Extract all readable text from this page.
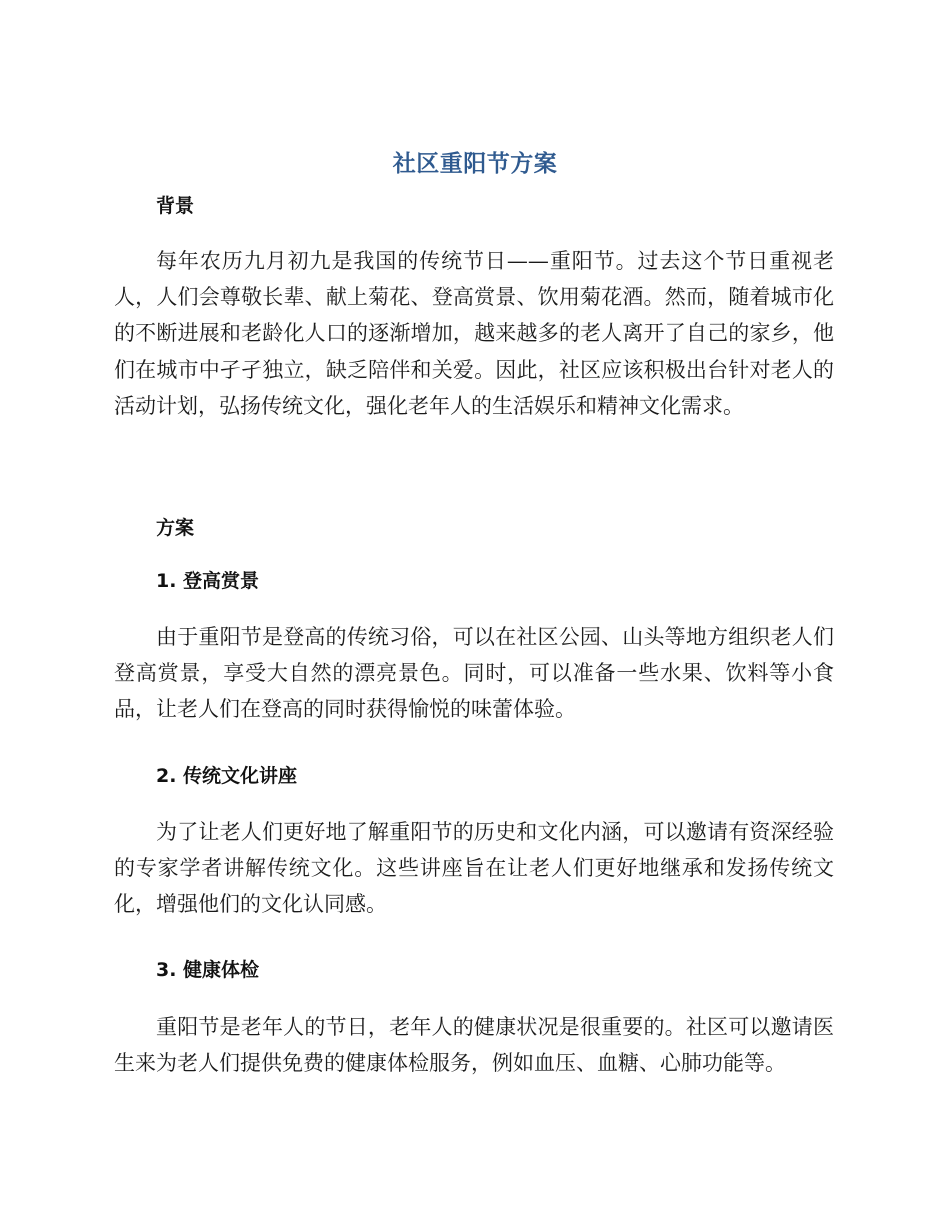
社区重阳节方案
背景
每年农历九月初九是我国的传统节日——重阳节。过去这个节日重视老人，人们会尊敬长辈、献上菊花、登高赏景、饮用菊花酒。然而，随着城市化的不断进展和老龄化人口的逐渐增加，越来越多的老人离开了自己的家乡，他们在城市中孑孑独立，缺乏陪伴和关爱。因此，社区应该积极出台针对老人的活动计划，弘扬传统文化，强化老年人的生活娱乐和精神文化需求。
方案
1. 登高赏景
由于重阳节是登高的传统习俗，可以在社区公园、山头等地方组织老人们登高赏景，享受大自然的漂亮景色。同时，可以准备一些水果、饮料等小食品，让老人们在登高的同时获得愉悦的味蕾体验。
2. 传统文化讲座
为了让老人们更好地了解重阳节的历史和文化内涵，可以邀请有资深经验的专家学者讲解传统文化。这些讲座旨在让老人们更好地继承和发扬传统文化，增强他们的文化认同感。
3. 健康体检
重阳节是老年人的节日，老年人的健康状况是很重要的。社区可以邀请医生来为老人们提供免费的健康体检服务，例如血压、血糖、心肺功能等。
